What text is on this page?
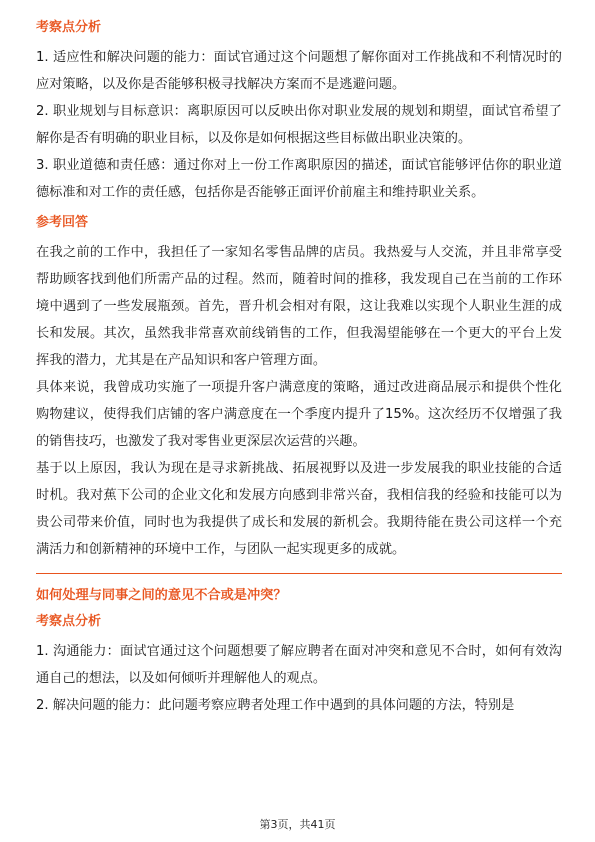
考察点分析

1. 适应性和解决问题的能力：面试官通过这个问题想了解你面对工作挑战和不利情况时的应对策略，以及你是否能够积极寻找解决方案而不是逃避问题。

2. 职业规划与目标意识：离职原因可以反映出你对职业发展的规划和期望，面试官希望了解你是否有明确的职业目标，以及你是如何根据这些目标做出职业决策的。

3. 职业道德和责任感：通过你对上一份工作离职原因的描述，面试官能够评估你的职业道德标准和对工作的责任感，包括你是否能够正面评价前雇主和维持职业关系。

参考回答

在我之前的工作中，我担任了一家知名零售品牌的店员。我热爱与人交流，并且非常享受帮助顾客找到他们所需产品的过程。然而，随着时间的推移，我发现自己在当前的工作环境中遇到了一些发展瓶颈。首先，晋升机会相对有限，这让我难以实现个人职业生涯的成长和发展。其次，虽然我非常喜欢前线销售的工作，但我渴望能够在一个更大的平台上发挥我的潜力，尤其是在产品知识和客户管理方面。

具体来说，我曾成功实施了一项提升客户满意度的策略，通过改进商品展示和提供个性化购物建议，使得我们店铺的客户满意度在一个季度内提升了15%。这次经历不仅增强了我的销售技巧，也激发了我对零售业更深层次运营的兴趣。

基于以上原因，我认为现在是寻求新挑战、拓展视野以及进一步发展我的职业技能的合适时机。我对蕉下公司的企业文化和发展方向感到非常兴奋，我相信我的经验和技能可以为贵公司带来价值，同时也为我提供了成长和发展的新机会。我期待能在贵公司这样一个充满活力和创新精神的环境中工作，与团队一起实现更多的成就。

如何处理与同事之间的意见不合或是冲突？
考察点分析

1. 沟通能力：面试官通过这个问题想要了解应聘者在面对冲突和意见不合时，如何有效沟通自己的想法，以及如何倾听并理解他人的观点。

2. 解决问题的能力：此问题考察应聘者处理工作中遇到的具体问题的方法，特别是

第3页，共41页
